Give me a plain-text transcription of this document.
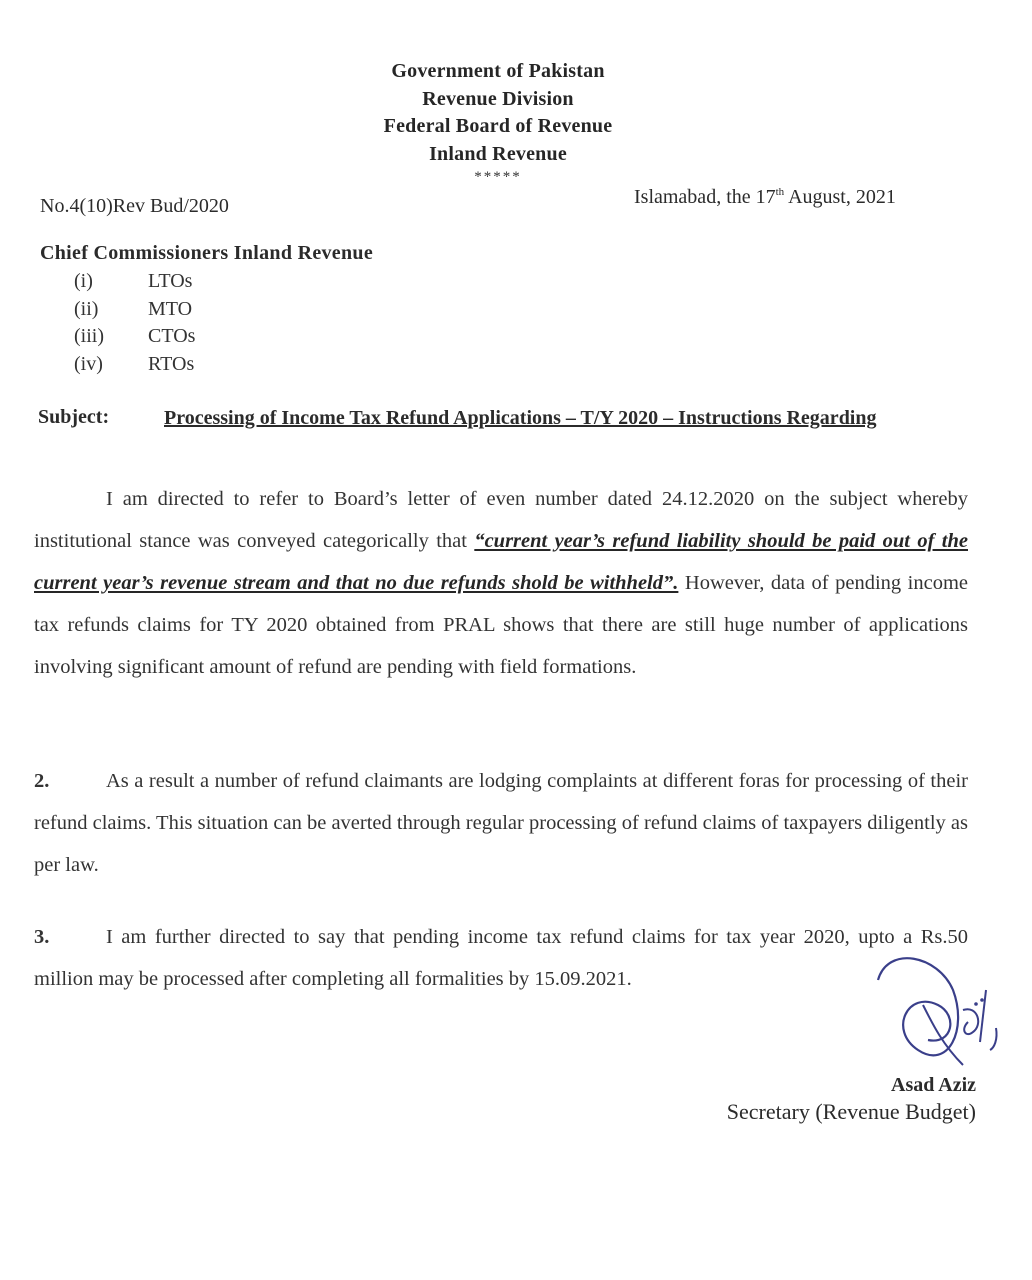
Government of Pakistan
Revenue Division
Federal Board of Revenue
Inland Revenue
*****
No.4(10)Rev Bud/2020	Islamabad, the 17th August, 2021
Chief Commissioners Inland Revenue
(i)	LTOs
(ii)	MTO
(iii)	CTOs
(iv)	RTOs
Subject:	Processing of Income Tax Refund Applications – T/Y 2020 – Instructions Regarding
I am directed to refer to Board’s letter of even number dated 24.12.2020 on the subject whereby institutional stance was conveyed categorically that “current year’s refund liability should be paid out of the current year’s revenue stream and that no due refunds shold be withheld”. However, data of pending income tax refunds claims for TY 2020 obtained from PRAL shows that there are still huge number of applications involving significant amount of refund are pending with field formations.
2.	As a result a number of refund claimants are lodging complaints at different foras for processing of their refund claims. This situation can be averted through regular processing of refund claims of taxpayers diligently as per law.
3.	I am further directed to say that pending income tax refund claims for tax year 2020, upto a Rs.50 million may be processed after completing all formalities by 15.09.2021.
Asad Aziz
Secretary (Revenue Budget)
